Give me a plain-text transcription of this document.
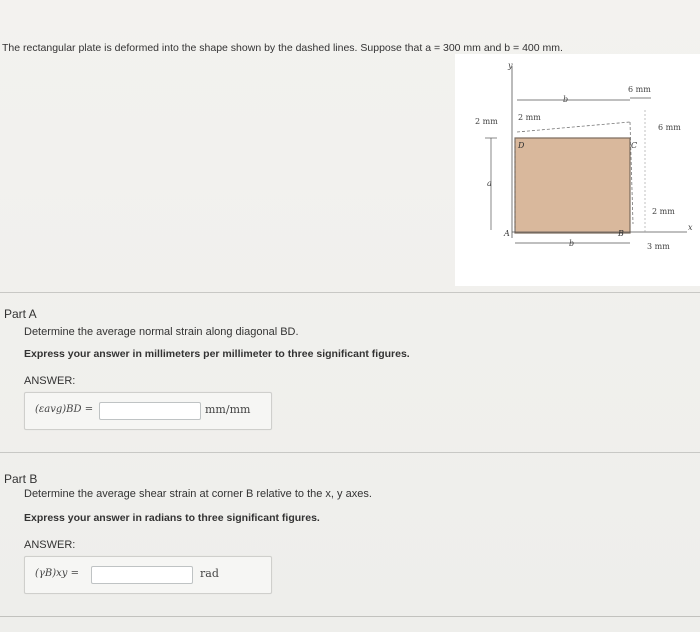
The rectangular plate is deformed into the shape shown by the dashed lines. Suppose that a = 300 mm and b = 400 mm.
y
x
a
b
b
A	B
C
D
2 mm	2 mm
6 mm
6 mm
2 mm
3 mm
Part A
Determine the average normal strain along diagonal BD.
Express your answer in millimeters per millimeter to three significant figures.
ANSWER:
(εavg)BD =	mm/mm
Part B
Determine the average shear strain at corner B relative to the x, y axes.
Express your answer in radians to three significant figures.
ANSWER:
(γB)xy =	rad
